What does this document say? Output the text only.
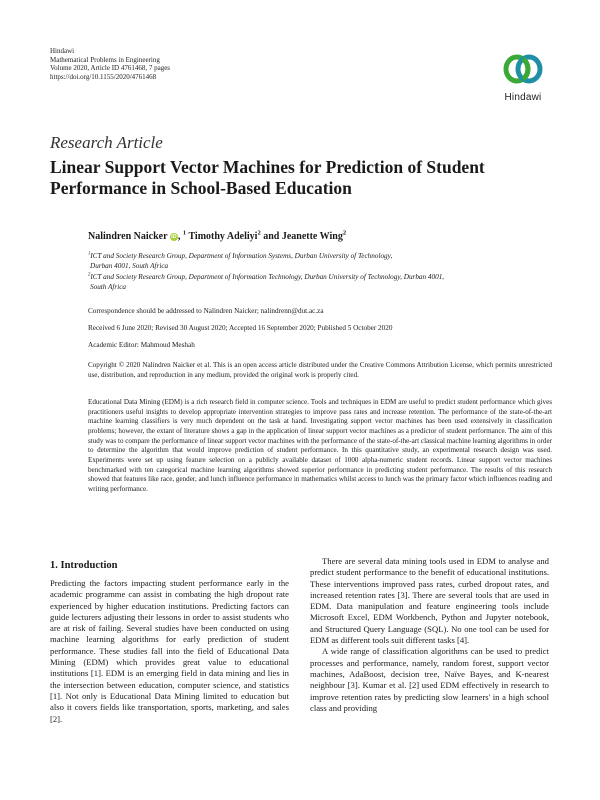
Hindawi
Mathematical Problems in Engineering
Volume 2020, Article ID 4761468, 7 pages
https://doi.org/10.1155/2020/4761468
Hindawi
Research Article
Linear Support Vector Machines for Prediction of Student Performance in School-Based Education
Nalindren Naicker iD, $^1$ Timothy Adeliyi$^2$ and Jeanette Wing$^2$
$^1$ICT and Society Research Group, Department of Information Systems, Durban University of Technology,
Durban 4001, South Africa
$^2$ICT and Society Research Group, Department of Information Technology, Durban University of Technology, Durban 4001,
South Africa
Correspondence should be addressed to Nalindren Naicker; nalindrenn@dut.ac.za
Received 6 June 2020; Revised 30 August 2020; Accepted 16 September 2020; Published 5 October 2020
Academic Editor: Mahmoud Meshah
Copyright © 2020 Nalindren Naicker et al. This is an open access article distributed under the Creative Commons Attribution License, which permits unrestricted use, distribution, and reproduction in any medium, provided the original work is properly cited.
Educational Data Mining (EDM) is a rich research field in computer science. Tools and techniques in EDM are useful to predict student performance which gives practitioners useful insights to develop appropriate intervention strategies to improve pass rates and increase retention. The performance of the state-of-the-art machine learning classifiers is very much dependent on the task at hand. Investigating support vector machines has been used extensively in classification problems; however, the extant of literature shows a gap in the application of linear support vector machines as a predictor of student performance. The aim of this study was to compare the performance of linear support vector machines with the performance of the state-of-the-art classical machine learning algorithms in order to determine the algorithm that would improve prediction of student performance. In this quantitative study, an experimental research design was used. Experiments were set up using feature selection on a publicly available dataset of 1000 alpha-numeric student records. Linear support vector machines benchmarked with ten categorical machine learning algorithms showed superior performance in predicting student performance. The results of this research showed that features like race, gender, and lunch influence performance in mathematics whilst access to lunch was the primary factor which influences reading and writing performance.
1. Introduction

Predicting the factors impacting student performance early in the academic programme can assist in combating the high dropout rate experienced by higher education institutions. Predicting factors can guide lecturers adjusting their lessons in order to assist students who are at risk of failing. Several studies have been conducted on using machine learning algorithms for early prediction of student performance. These studies fall into the field of Educational Data Mining (EDM) which provides great value to educational institutions [1]. EDM is an emerging field in data mining and lies in the intersection between education, computer science, and statistics [1]. Not only is Educational Data Mining limited to education but also it covers fields like transportation, sports, marketing, and sales [2].

There are several data mining tools used in EDM to analyse and predict student performance to the benefit of educational institutions. These interventions improved pass rates, curbed dropout rates, and increased retention rates [3]. There are several tools that are used in EDM. Data manipulation and feature engineering tools include Microsoft Excel, EDM Workbench, Python and Jupyter notebook, and Structured Query Language (SQL). No one tool can be used for EDM as different tools suit different tasks [4].

A wide range of classification algorithms can be used to predict processes and performance, namely, random forest, support vector machines, AdaBoost, decision tree, Naïve Bayes, and K-nearest neighbour [3]. Kumar et al. [2] used EDM effectively in research to improve retention rates by predicting slow learners' in a high school class and providing
